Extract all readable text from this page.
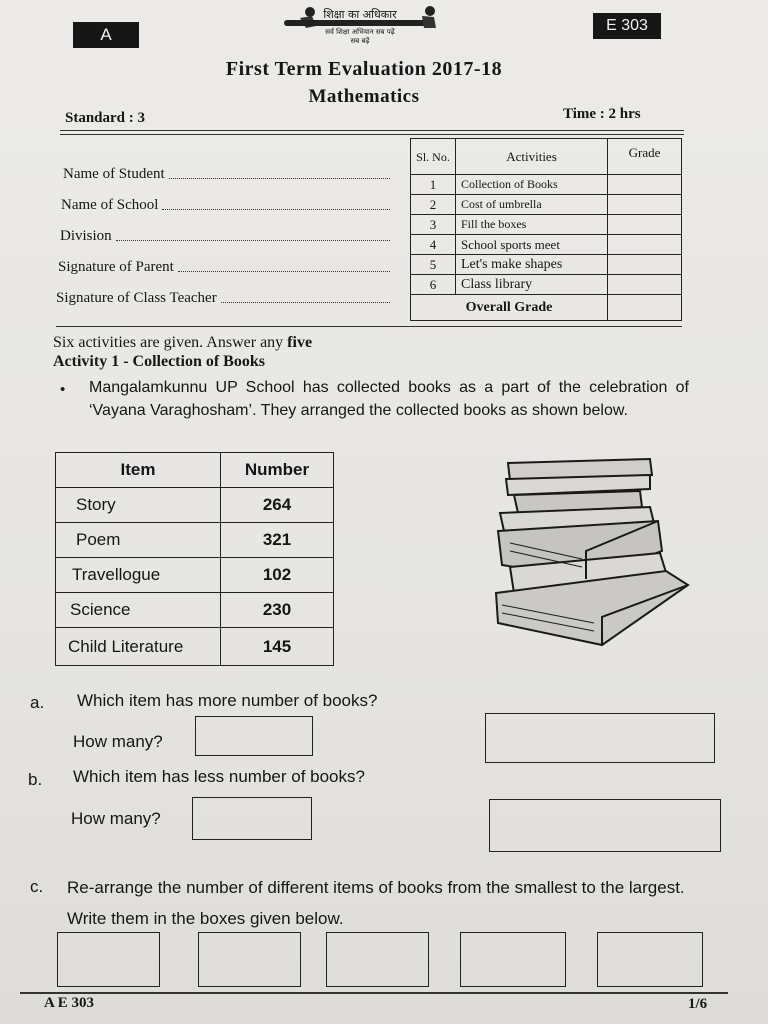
A	E 303
शिक्षा का अधिकार
सर्व शिक्षा अभियान सब पढ़ें सब बढ़ें
First Term Evaluation 2017-18
Mathematics
Standard : 3	Time : 2 hrs
Name of Student
Name of School
Division
Signature of Parent
Signature of Class Teacher
Sl. No.	Activities	Grade
1	Collection of Books	
2	Cost of umbrella	
3	Fill the boxes	
4	School sports meet	
5	Let's make shapes	
6	Class library	
Overall Grade		
Six activities are given. Answer any five
Activity 1 - Collection of Books
• Mangalamkunnu UP School has collected books as a part of the celebration of ‘Vayana Varaghosham’. They arranged the collected books as shown below.
Item	Number
Story	264
Poem	321
Travellogue	102
Science	230
Child Literature	145
a. Which item has more number of books?
How many?
b. Which item has less number of books?
How many?
c. Re-arrange the number of different items of books from the smallest to the largest. Write them in the boxes given below.
A E 303	1/6
